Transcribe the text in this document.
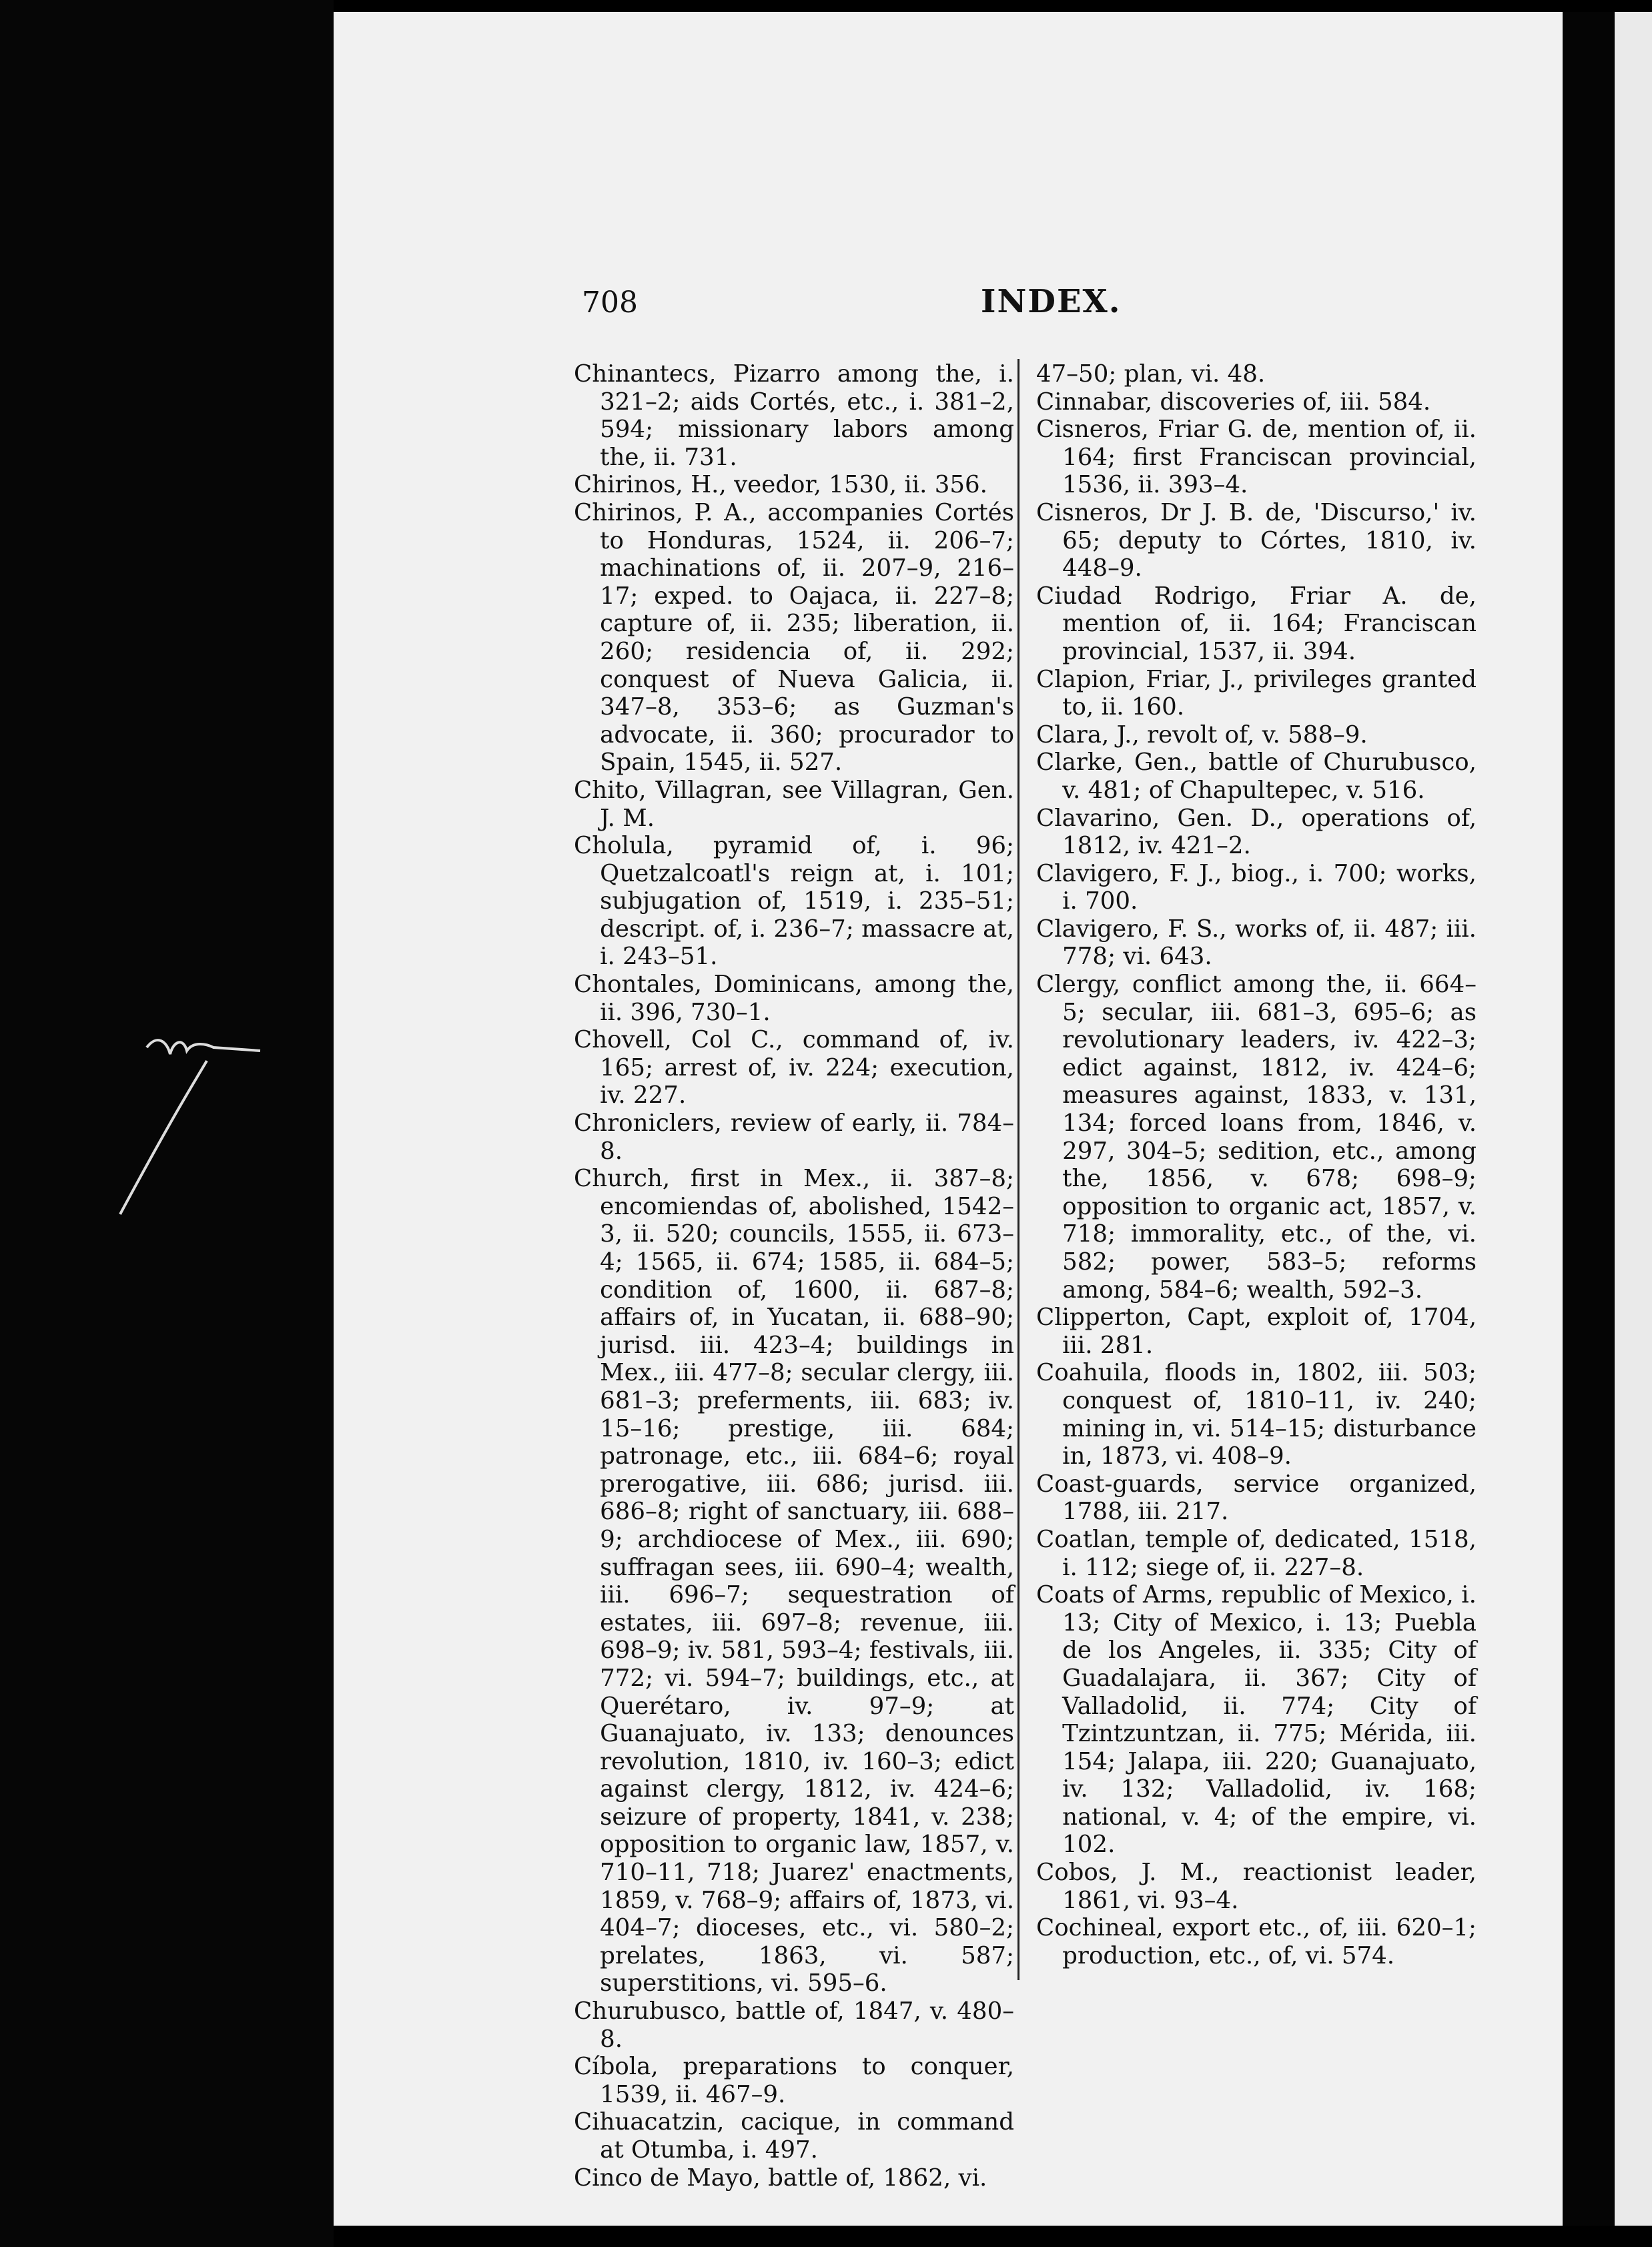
708	INDEX.

Chinantecs, Pizarro among the, i. 321–2; aids Cortés, etc., i. 381–2, 594; missionary labors among the, ii. 731.

Chirinos, H., veedor, 1530, ii. 356.

Chirinos, P. A., accompanies Cortés to Honduras, 1524, ii. 206–7; machinations of, ii. 207–9, 216–17; exped. to Oajaca, ii. 227–8; capture of, ii. 235; liberation, ii. 260; residencia of, ii. 292; conquest of Nueva Galicia, ii. 347–8, 353–6; as Guzman's advocate, ii. 360; procurador to Spain, 1545, ii. 527.

Chito, Villagran, see Villagran, Gen. J. M.

Cholula, pyramid of, i. 96; Quetzalcoatl's reign at, i. 101; subjugation of, 1519, i. 235–51; descript. of, i. 236–7; massacre at, i. 243–51.

Chontales, Dominicans, among the, ii. 396, 730–1.

Chovell, Col C., command of, iv. 165; arrest of, iv. 224; execution, iv. 227.

Chroniclers, review of early, ii. 784–8.

Church, first in Mex., ii. 387–8; encomiendas of, abolished, 1542–3, ii. 520; councils, 1555, ii. 673–4; 1565, ii. 674; 1585, ii. 684–5; condition of, 1600, ii. 687–8; affairs of, in Yucatan, ii. 688–90; jurisd. iii. 423–4; buildings in Mex., iii. 477–8; secular clergy, iii. 681–3; preferments, iii. 683; iv. 15–16; prestige, iii. 684; patronage, etc., iii. 684–6; royal prerogative, iii. 686; jurisd. iii. 686–8; right of sanctuary, iii. 688–9; archdiocese of Mex., iii. 690; suffragan sees, iii. 690–4; wealth, iii. 696–7; sequestration of estates, iii. 697–8; revenue, iii. 698–9; iv. 581, 593–4; festivals, iii. 772; vi. 594–7; buildings, etc., at Querétaro, iv. 97–9; at Guanajuato, iv. 133; denounces revolution, 1810, iv. 160–3; edict against clergy, 1812, iv. 424–6; seizure of property, 1841, v. 238; opposition to organic law, 1857, v. 710–11, 718; Juarez' enactments, 1859, v. 768–9; affairs of, 1873, vi. 404–7; dioceses, etc., vi. 580–2; prelates, 1863, vi. 587; superstitions, vi. 595–6.

Churubusco, battle of, 1847, v. 480–8.

Cíbola, preparations to conquer, 1539, ii. 467–9.

Cihuacatzin, cacique, in command at Otumba, i. 497.

Cinco de Mayo, battle of, 1862, vi.

47–50; plan, vi. 48.

Cinnabar, discoveries of, iii. 584.

Cisneros, Friar G. de, mention of, ii. 164; first Franciscan provincial, 1536, ii. 393–4.

Cisneros, Dr J. B. de, 'Discurso,' iv. 65; deputy to Córtes, 1810, iv. 448–9.

Ciudad Rodrigo, Friar A. de, mention of, ii. 164; Franciscan provincial, 1537, ii. 394.

Clapion, Friar, J., privileges granted to, ii. 160.

Clara, J., revolt of, v. 588–9.

Clarke, Gen., battle of Churubusco, v. 481; of Chapultepec, v. 516.

Clavarino, Gen. D., operations of, 1812, iv. 421–2.

Clavigero, F. J., biog., i. 700; works, i. 700.

Clavigero, F. S., works of, ii. 487; iii. 778; vi. 643.

Clergy, conflict among the, ii. 664–5; secular, iii. 681–3, 695–6; as revolutionary leaders, iv. 422–3; edict against, 1812, iv. 424–6; measures against, 1833, v. 131, 134; forced loans from, 1846, v. 297, 304–5; sedition, etc., among the, 1856, v. 678; 698–9; opposition to organic act, 1857, v. 718; immorality, etc., of the, vi. 582; power, 583–5; reforms among, 584–6; wealth, 592–3.

Clipperton, Capt, exploit of, 1704, iii. 281.

Coahuila, floods in, 1802, iii. 503; conquest of, 1810–11, iv. 240; mining in, vi. 514–15; disturbance in, 1873, vi. 408–9.

Coast-guards, service organized, 1788, iii. 217.

Coatlan, temple of, dedicated, 1518, i. 112; siege of, ii. 227–8.

Coats of Arms, republic of Mexico, i. 13; City of Mexico, i. 13; Puebla de los Angeles, ii. 335; City of Guadalajara, ii. 367; City of Valladolid, ii. 774; City of Tzintzuntzan, ii. 775; Mérida, iii. 154; Jalapa, iii. 220; Guanajuato, iv. 132; Valladolid, iv. 168; national, v. 4; of the empire, vi. 102.

Cobos, J. M., reactionist leader, 1861, vi. 93–4.

Cochineal, export etc., of, iii. 620–1; production, etc., of, vi. 574.
